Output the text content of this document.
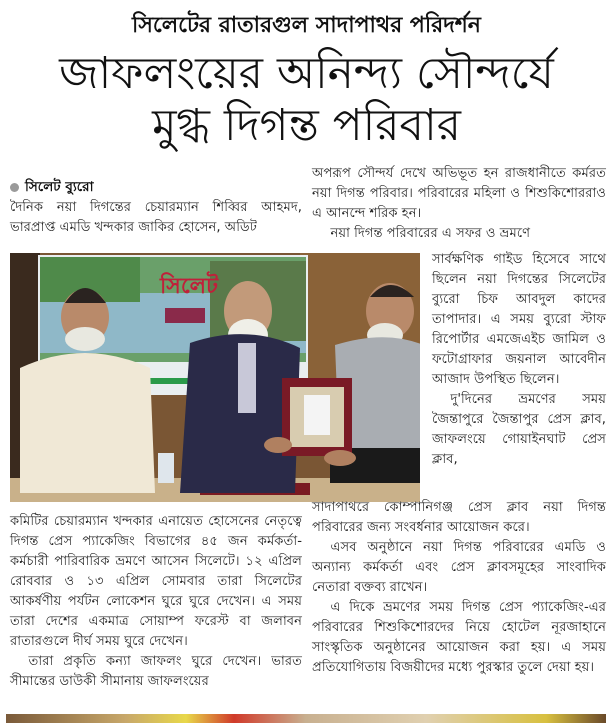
সিলেটের রাতারগুল সাদাপাথর পরিদর্শন
জাফলংয়ের অনিন্দ্য সৌন্দর্যে
মুগ্ধ দিগন্ত পরিবার
সিলেট ব্যুরো

দৈনিক নয়া দিগন্তের চেয়ারম্যান শিব্বির আহমদ, ভারপ্রাপ্ত এমডি খন্দকার জাকির হোসেন, অডিট

অপরূপ সৌন্দর্য দেখে অভিভূত হন রাজধানীতে কর্মরত নয়া দিগন্ত পরিবার। পরিবারের মহিলা ও শিশুকিশোররাও এ আনন্দে শরিক হন।

নয়া দিগন্ত পরিবারের এ সফর ও ভ্রমণে

সিলেট

সার্বক্ষণিক গাইড হিসেবে সাথে ছিলেন নয়া দিগন্তের সিলেটের ব্যুরো চিফ আবদুল কাদের তাপাদার। এ সময় ব্যুরো স্টাফ রিপোর্টার এমজেএইচ জামিল ও ফটোগ্রাফার জয়নাল আবেদীন আজাদ উপস্থিত ছিলেন।

দু'দিনের ভ্রমণের সময় জৈন্তাপুরে জৈন্তাপুর প্রেস ক্লাব, জাফলংয়ে গোয়াইনঘাট প্রেস ক্লাব,

সাদাপাথরে কোম্পানিগঞ্জ প্রেস ক্লাব নয়া দিগন্ত পরিবারের জন্য সংবর্ধনার আয়োজন করে।

এসব অনুষ্ঠানে নয়া দিগন্ত পরিবারের এমডি ও অন্যান্য কর্মকর্তা এবং প্রেস ক্লাবসমূহের সাংবাদিক নেতারা বক্তব্য রাখেন।

এ দিকে ভ্রমণের সময় দিগন্ত প্রেস প্যাকেজিং-এর পরিবারের শিশুকিশোরদের নিয়ে হোটেল নূরজাহানে সাংস্কৃতিক অনুষ্ঠানের আয়োজন করা হয়। এ সময় প্রতিযোগিতায় বিজয়ীদের মধ্যে পুরস্কার তুলে দেয়া হয়।

কমিটির চেয়ারম্যান খন্দকার এনায়েত হোসেনের নেতৃত্বে দিগন্ত প্রেস প্যাকেজিং বিভাগের ৪৫ জন কর্মকর্তা-কর্মচারী পারিবারিক ভ্রমণে আসেন সিলেটে। ১২ এপ্রিল রোববার ও ১৩ এপ্রিল সোমবার তারা সিলেটের আকর্ষণীয় পর্যটন লোকেশন ঘুরে ঘুরে দেখেন। এ সময় তারা দেশের একমাত্র সোয়াম্প ফরেস্ট বা জলাবন রাতারগুলে দীর্ঘ সময় ঘুরে দেখেন।

তারা প্রকৃতি কন্যা জাফলং ঘুরে দেখেন। ভারত সীমান্তের ডাউকী সীমানায় জাফলংয়ের
